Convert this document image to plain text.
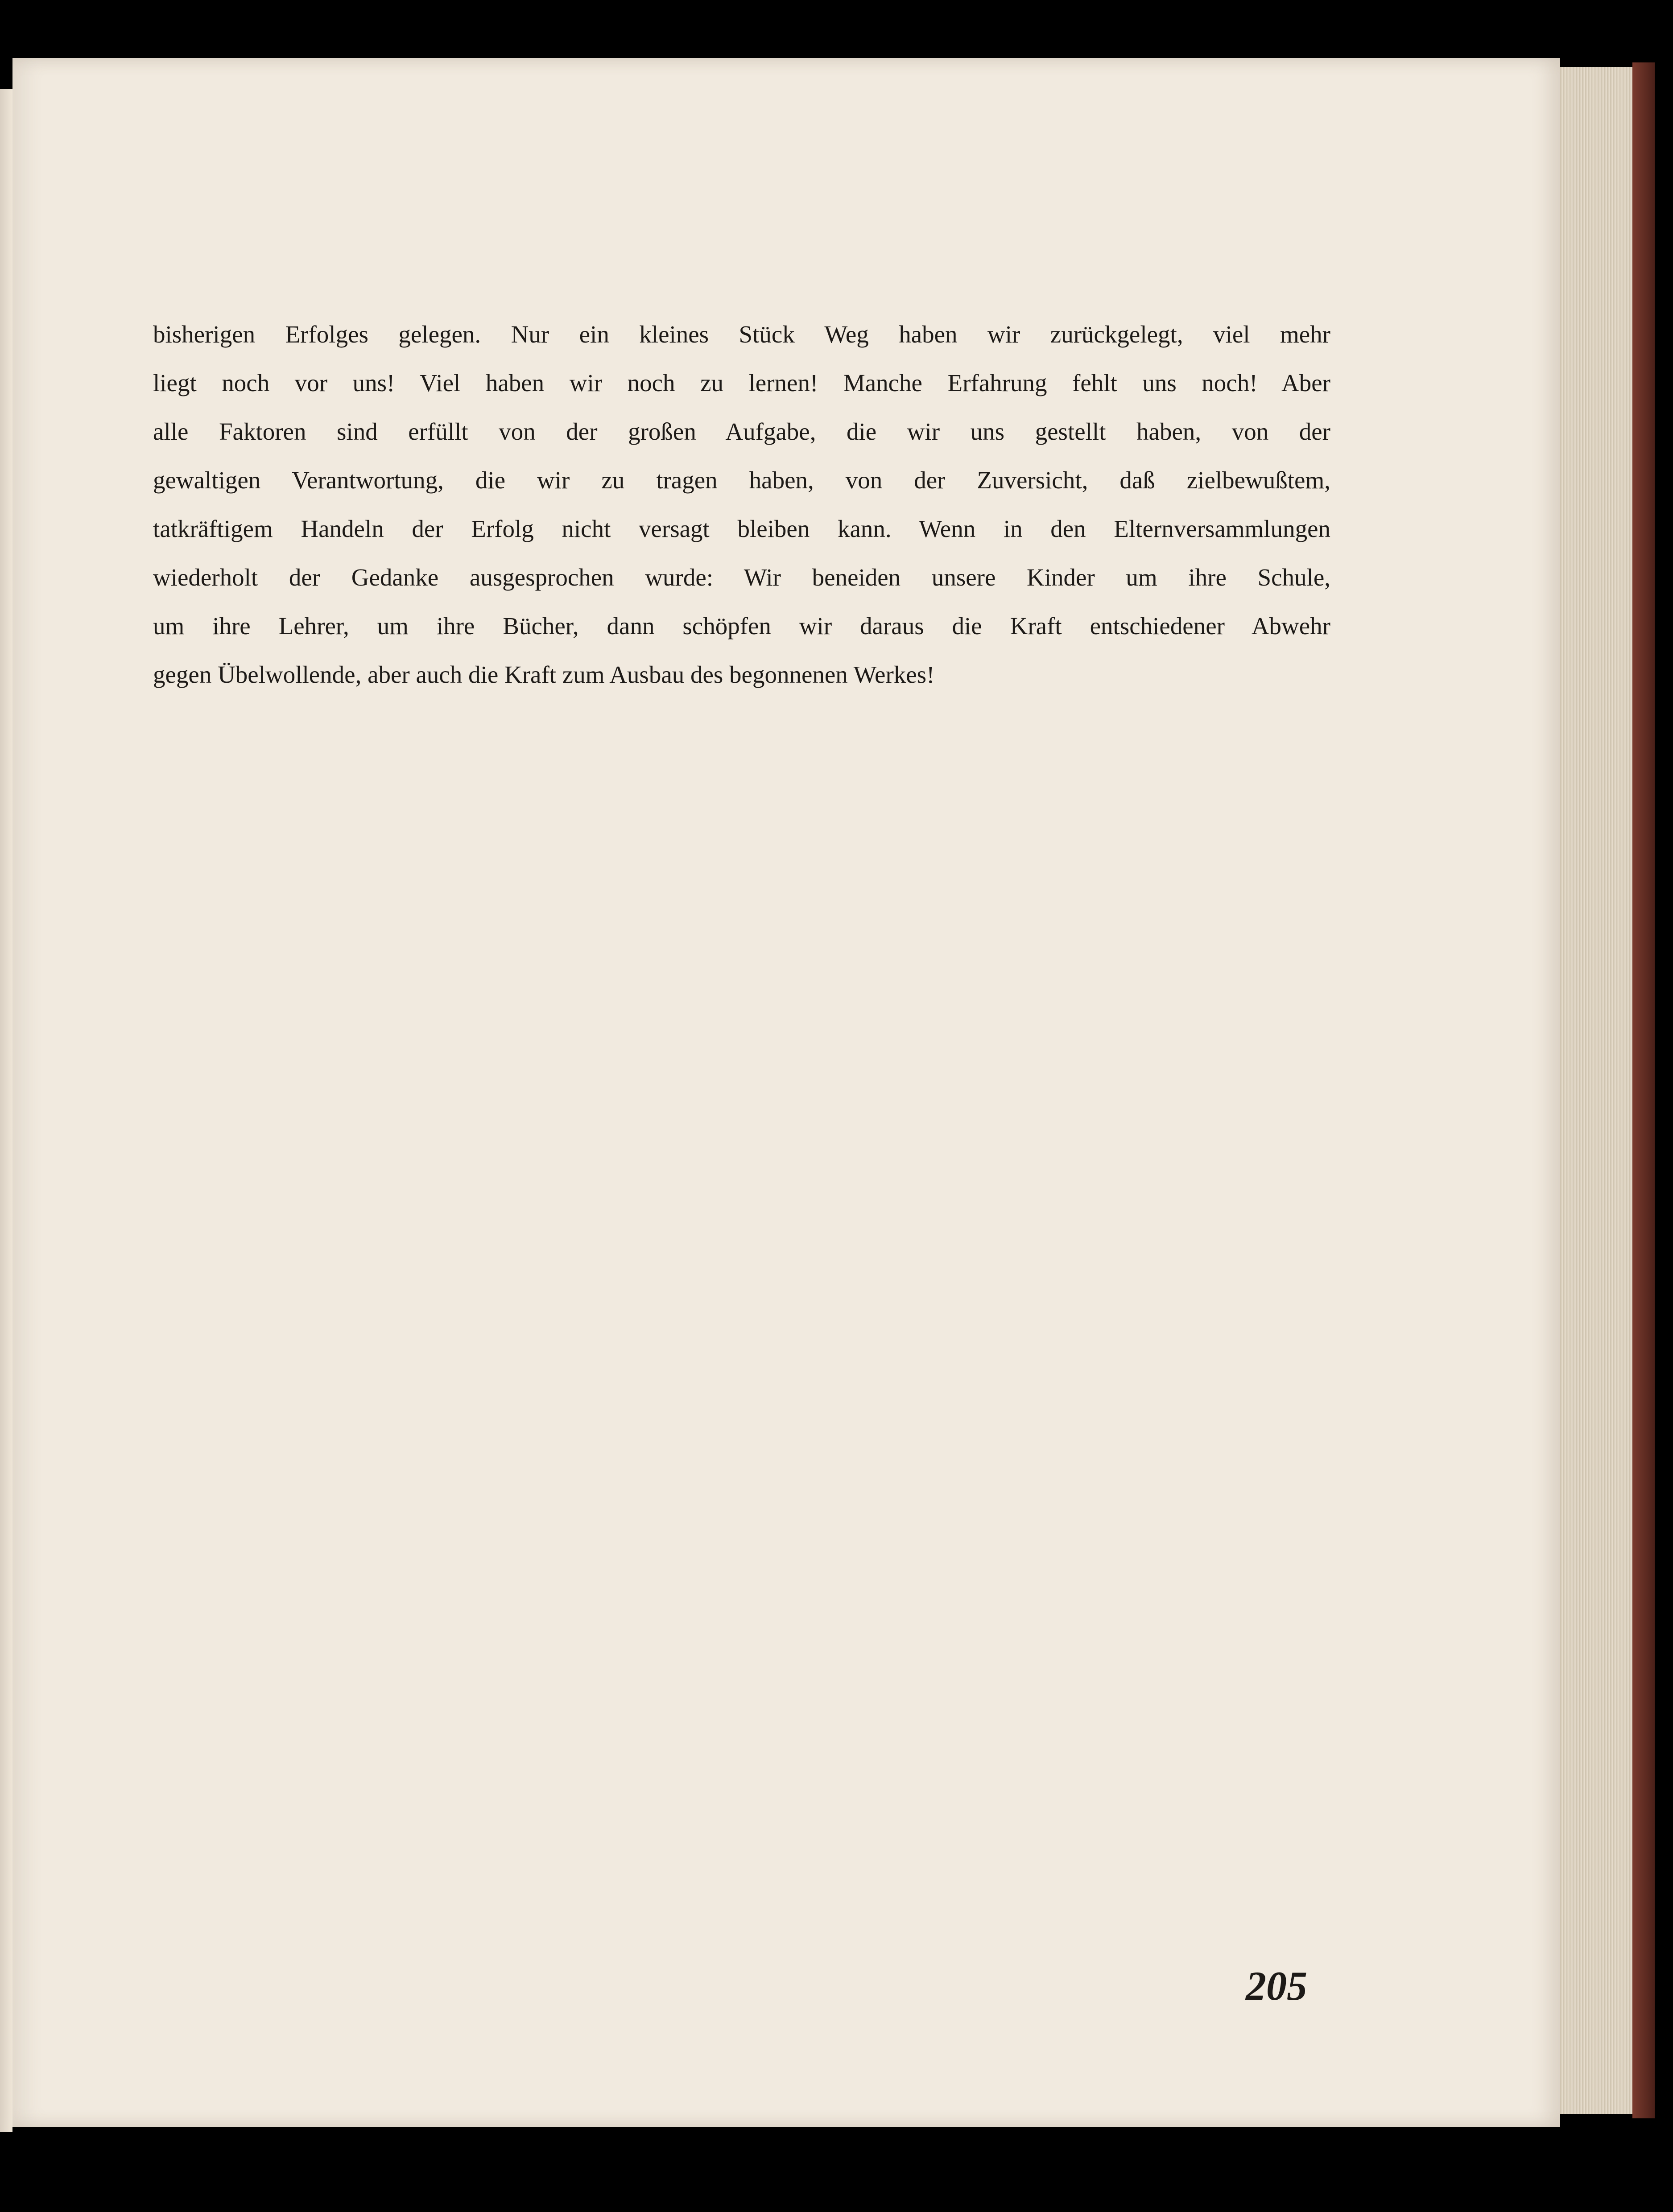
bisherigen Erfolges gelegen. Nur ein kleines Stück Weg haben wir zurückgelegt, viel mehr
liegt noch vor uns! Viel haben wir noch zu lernen! Manche Erfahrung fehlt uns noch! Aber
alle Faktoren sind erfüllt von der großen Aufgabe, die wir uns gestellt haben, von der
gewaltigen Verantwortung, die wir zu tragen haben, von der Zuversicht, daß zielbewußtem,
tatkräftigem Handeln der Erfolg nicht versagt bleiben kann. Wenn in den Elternversammlungen
wiederholt der Gedanke ausgesprochen wurde: Wir beneiden unsere Kinder um ihre Schule,
um ihre Lehrer, um ihre Bücher, dann schöpfen wir daraus die Kraft entschiedener Abwehr
gegen Übelwollende, aber auch die Kraft zum Ausbau des begonnenen Werkes!
205
